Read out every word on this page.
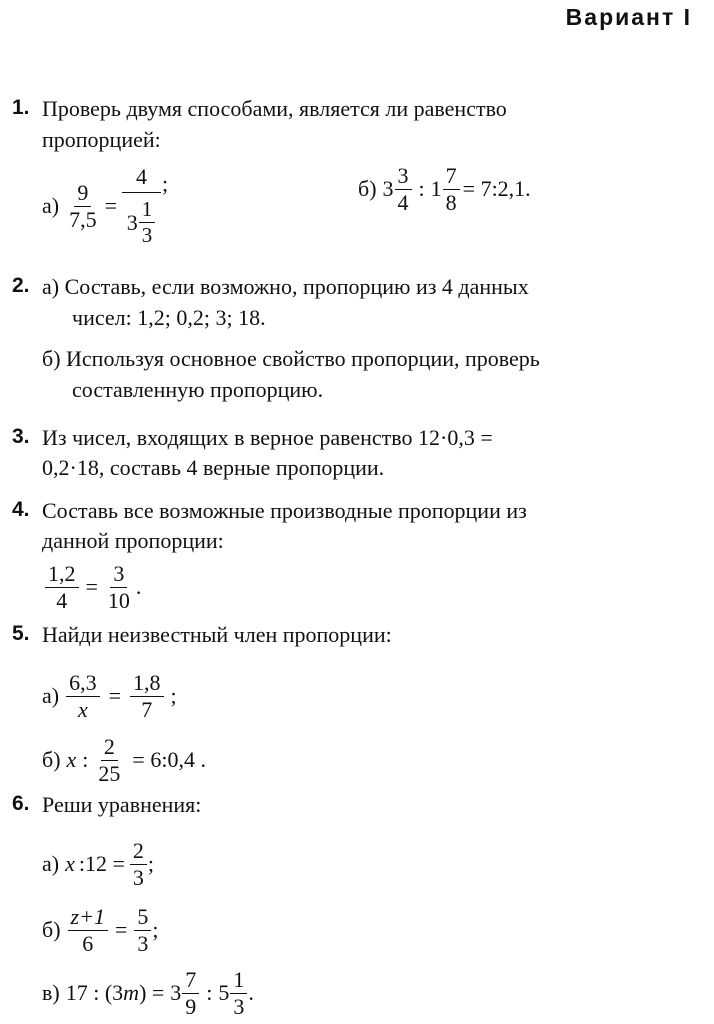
Вариант I
1. Проверь двумя способами, является ли равенство
пропорцией:
$а) \frac{9}{7,5} = \frac{4}{3 \frac{1}{3}}$ ;	б) $3 \frac{3}{4}$ : $1 \frac{7}{8}$ = 7:2,1.
2. а) Составь, если возможно, пропорцию из 4 данных
чисел: 1,2; 0,2; 3; 18.
б) Используя основное свойство пропорции, проверь
составленную пропорцию.
3. Из чисел, входящих в верное равенство 12·0,3 =
0,2·18, составь 4 верные пропорции.
4. Составь все возможные производные пропорции из
данной пропорции:
$\frac{1,2}{4} = \frac{3}{10}$ .
5. Найди неизвестный член пропорции:
$а) \frac{6,3}{x} = \frac{1,8}{7}$ ;
б) x : $\frac{2}{25}$ = 6:0,4 .
6. Реши уравнения:
а) x :12 = $\frac{2}{3}$ ;
$б) \frac{z+1}{6} = \frac{5}{3}$ ;
в) 17 : (3 m ) = $3 \frac{7}{9}$ : $5 \frac{1}{3}$ .
